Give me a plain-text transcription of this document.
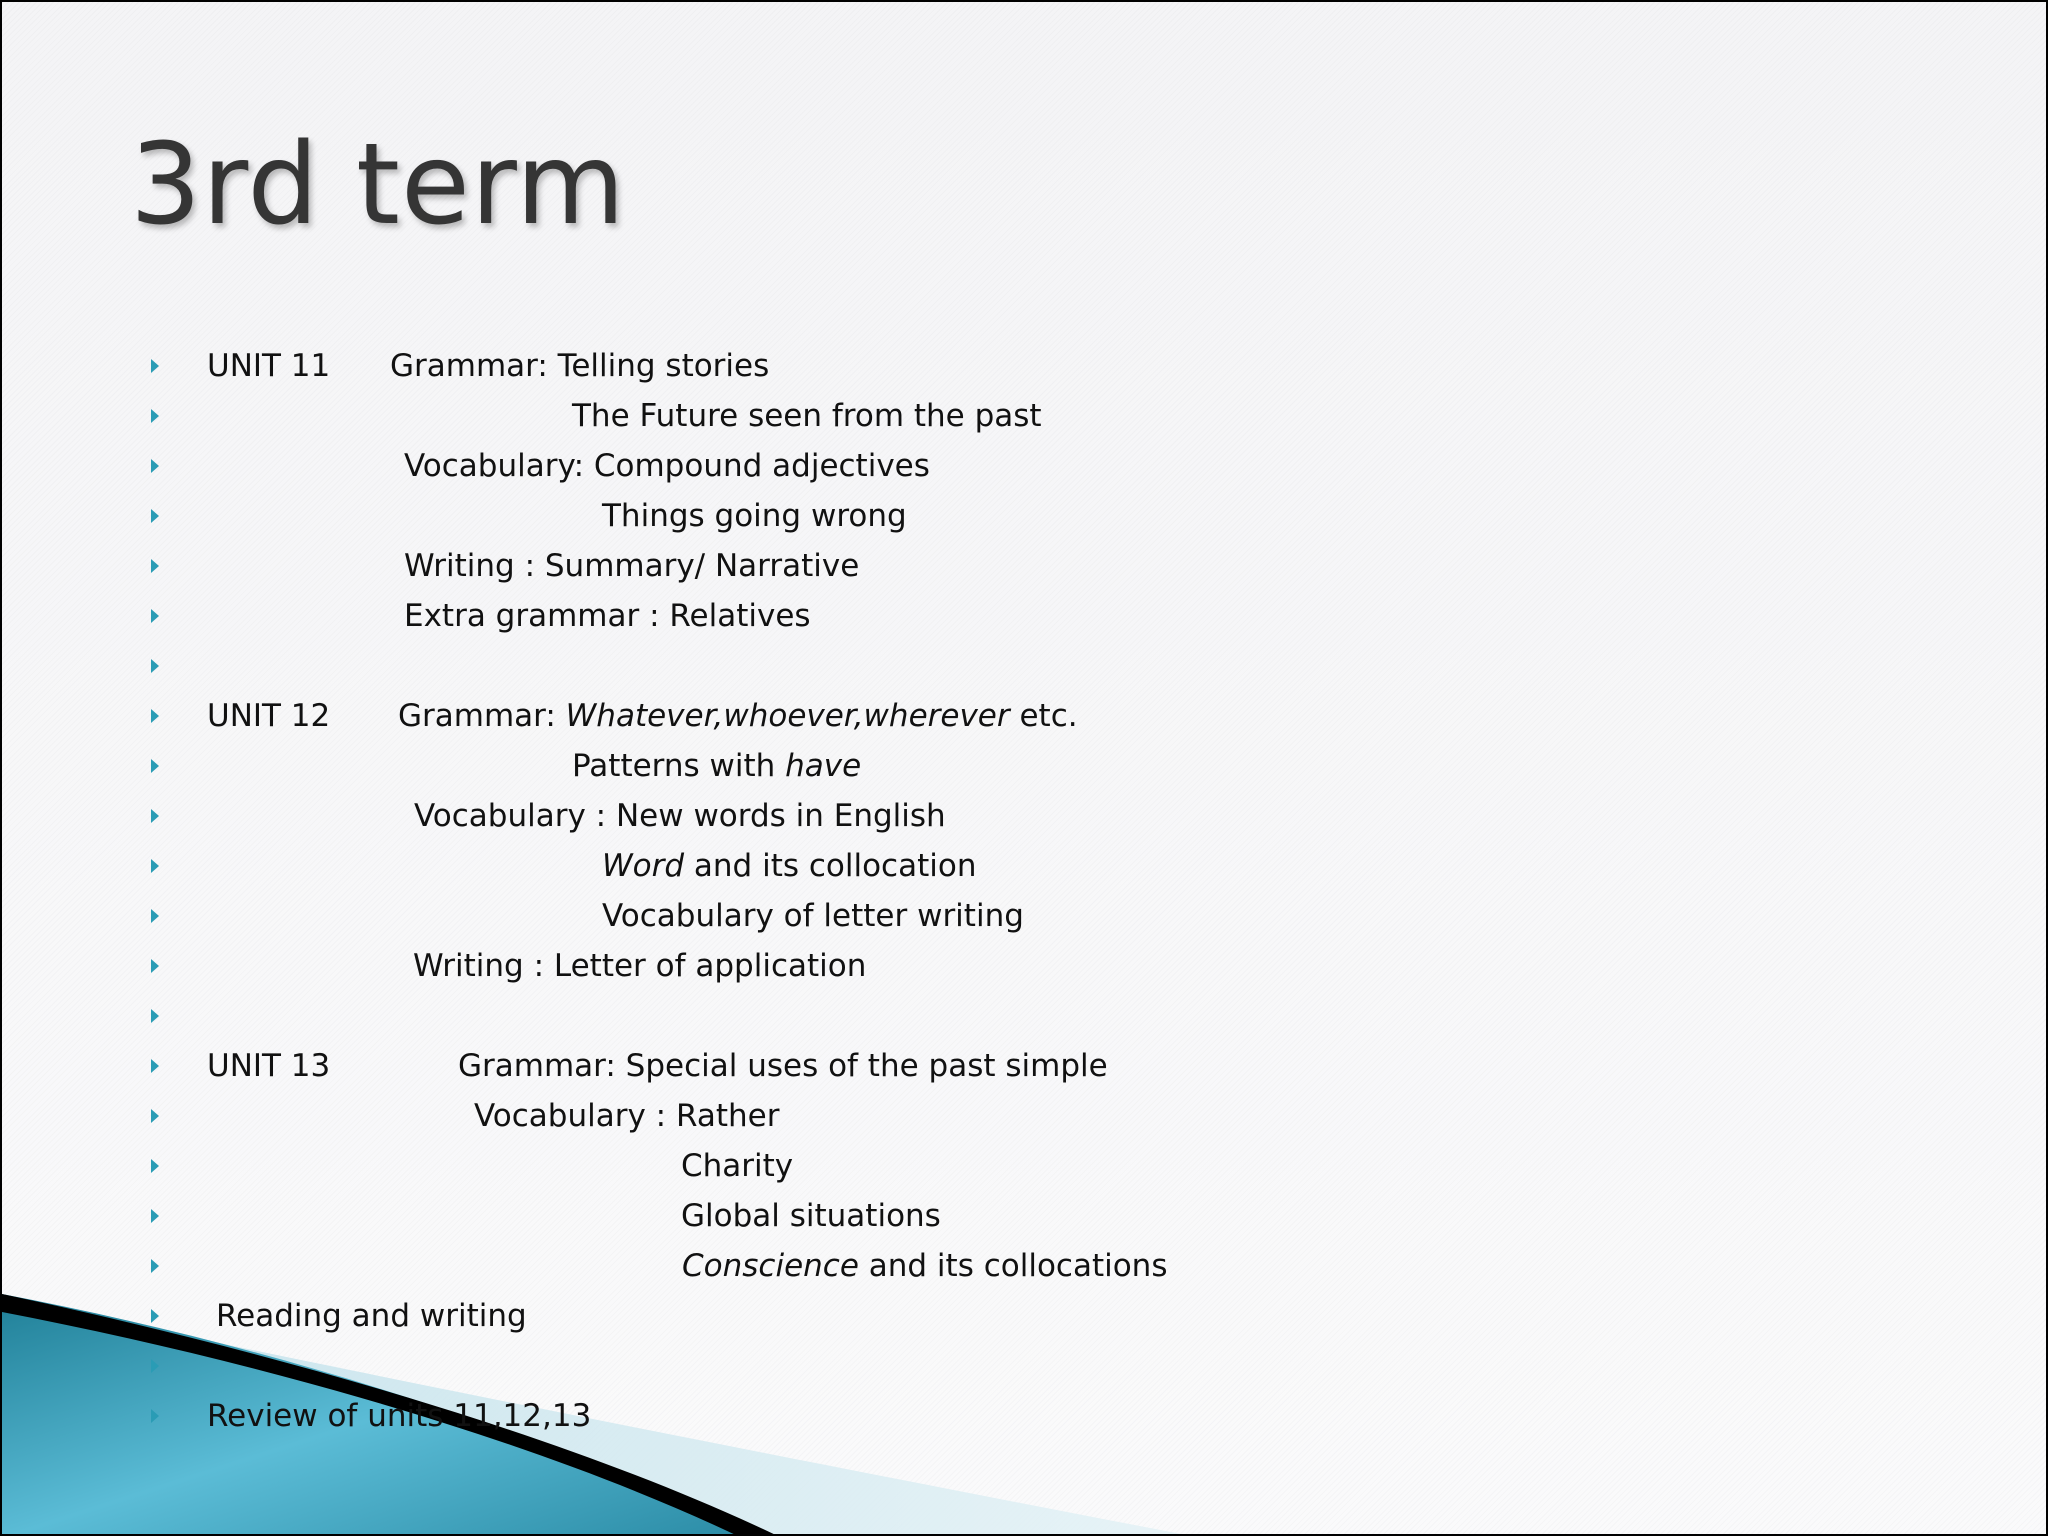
3rd term
UNIT 11 Grammar: Telling stories
The Future seen from the past
Vocabulary: Compound adjectives
Things going wrong
Writing : Summary/ Narrative
Extra grammar : Relatives
UNIT 12 Grammar: Whatever,whoever,wherever etc.
Patterns with have
Vocabulary : New words in English
Word and its collocation
Vocabulary of letter writing
Writing : Letter of application
UNIT 13	Grammar: Special uses of the past simple
Vocabulary : Rather
Charity
Global situations
Conscience and its collocations
Reading and writing
Review of units 11,12,13
